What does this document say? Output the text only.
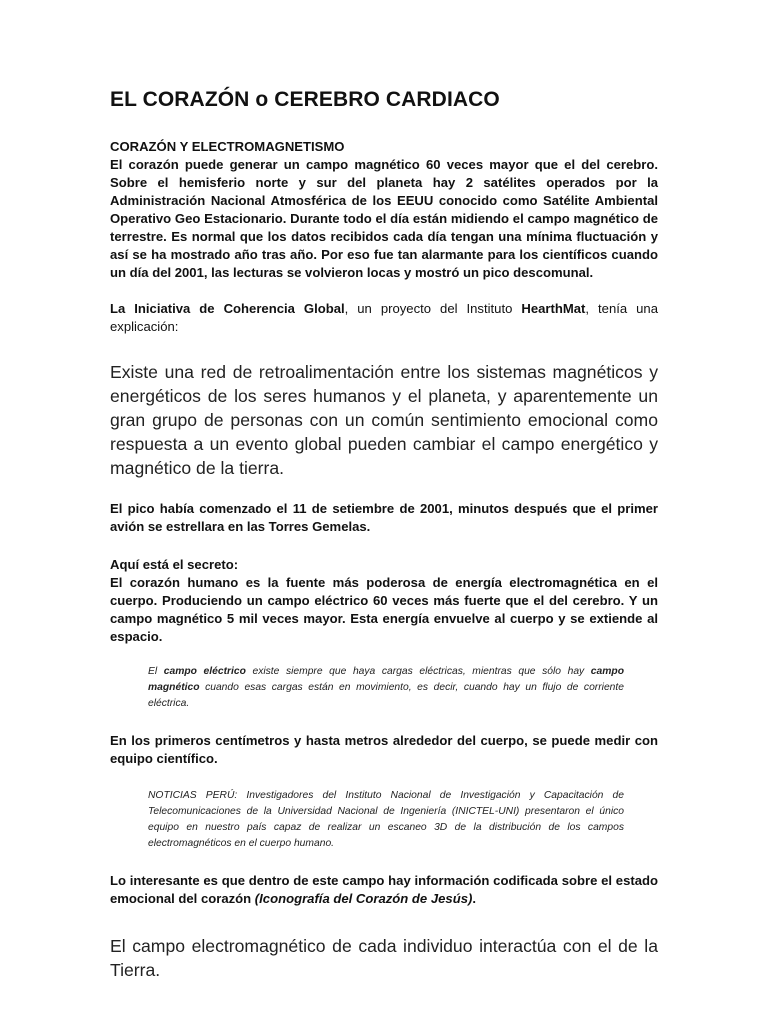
EL CORAZÓN o CEREBRO CARDIACO

CORAZÓN Y ELECTROMAGNETISMO

El corazón puede generar un campo magnético 60 veces mayor que el del cerebro. Sobre el hemisferio norte y sur del planeta hay 2 satélites operados por la Administración Nacional Atmosférica de los EEUU conocido como Satélite Ambiental Operativo Geo Estacionario. Durante todo el día están midiendo el campo magnético de terrestre. Es normal que los datos recibidos cada día tengan una mínima fluctuación y así se ha mostrado año tras año. Por eso fue tan alarmante para los científicos cuando un día del 2001, las lecturas se volvieron locas y mostró un pico descomunal.

La Iniciativa de Coherencia Global, un proyecto del Instituto HearthMat, tenía una explicación:

Existe una red de retroalimentación entre los sistemas magnéticos y energéticos de los seres humanos y el planeta, y aparentemente un gran grupo de personas con un común sentimiento emocional como respuesta a un evento global pueden cambiar el campo energético y magnético de la tierra.

El pico había comenzado el 11 de setiembre de 2001, minutos después que el primer avión se estrellara en las Torres Gemelas.

Aquí está el secreto:

El corazón humano es la fuente más poderosa de energía electromagnética en el cuerpo. Produciendo un campo eléctrico 60 veces más fuerte que el del cerebro. Y un campo magnético 5 mil veces mayor. Esta energía envuelve al cuerpo y se extiende al espacio.

El campo eléctrico existe siempre que haya cargas eléctricas, mientras que sólo hay campo magnético cuando esas cargas están en movimiento, es decir, cuando hay un flujo de corriente eléctrica.

En los primeros centímetros y hasta metros alrededor del cuerpo, se puede medir con equipo científico.

NOTICIAS PERÚ: Investigadores del Instituto Nacional de Investigación y Capacitación de Telecomunicaciones de la Universidad Nacional de Ingeniería (INICTEL-UNI) presentaron el único equipo en nuestro país capaz de realizar un escaneo 3D de la distribución de los campos electromagnéticos en el cuerpo humano.

Lo interesante es que dentro de este campo hay información codificada sobre el estado emocional del corazón (Iconografía del Corazón de Jesús).

El campo electromagnético de cada individuo interactúa con el de la Tierra.
